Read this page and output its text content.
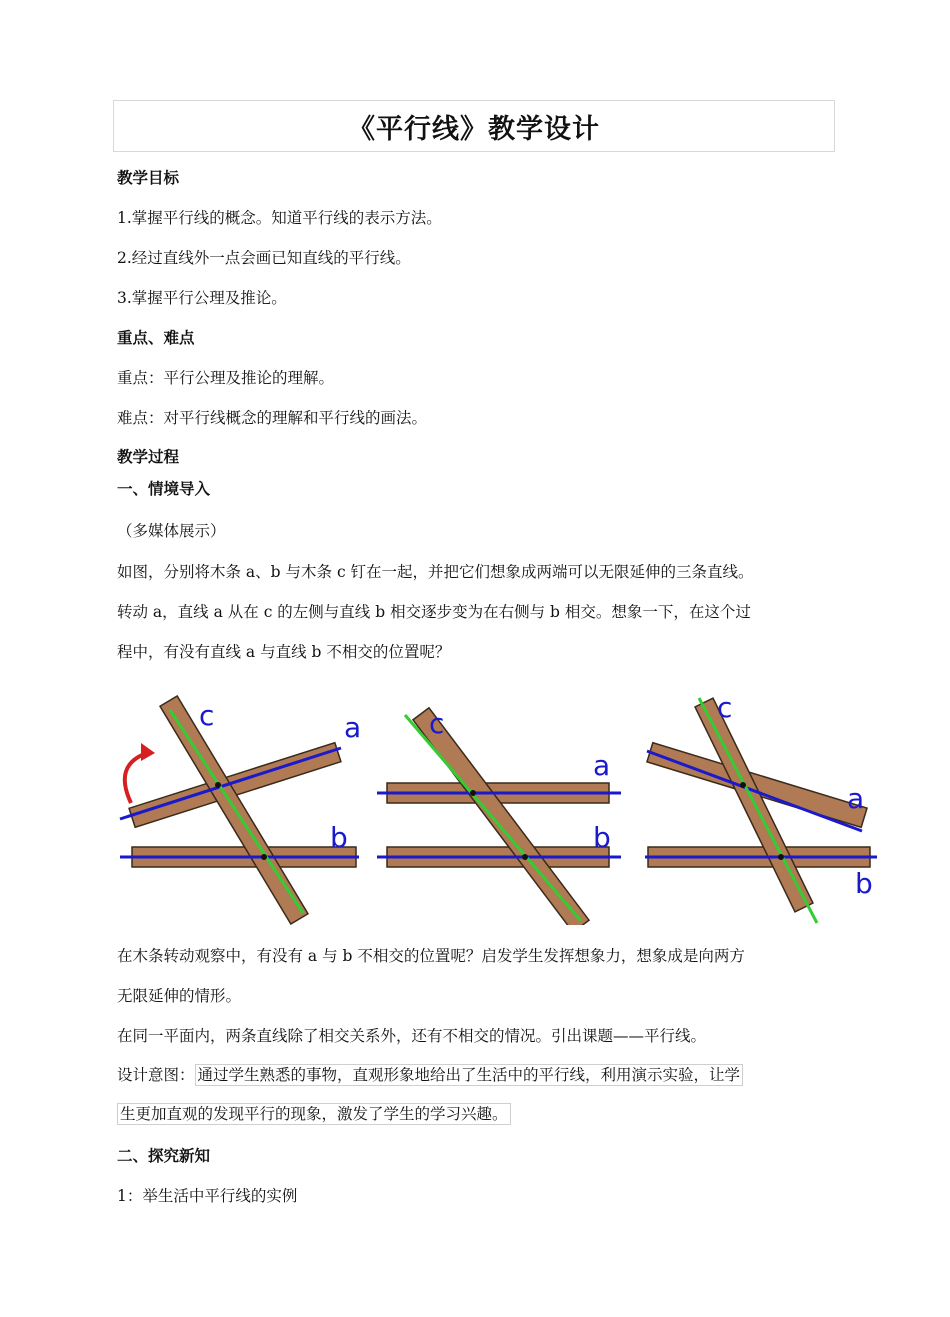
《平行线》教学设计
教学目标
1.掌握平行线的概念。知道平行线的表示方法。
2.经过直线外一点会画已知直线的平行线。
3.掌握平行公理及推论。
重点、难点
重点：平行公理及推论的理解。
难点：对平行线概念的理解和平行线的画法。
教学过程
一、情境导入
（多媒体展示）
如图，分别将木条 a、b 与木条 c 钉在一起，并把它们想象成两端可以无限延伸的三条直线。
转动 a，直线 a 从在 c 的左侧与直线 b 相交逐步变为在右侧与 b 相交。想象一下，在这个过
程中，有没有直线 a 与直线 b 不相交的位置呢？
c	a
b
c
a
b
c
a
b
在木条转动观察中，有没有 a 与 b 不相交的位置呢？启发学生发挥想象力，想象成是向两方
无限延伸的情形。
在同一平面内，两条直线除了相交关系外，还有不相交的情况。引出课题——平行线。
设计意图： 通过学生熟悉的事物，直观形象地给出了生活中的平行线，利用演示实验，让学
生更加直观的发现平行的现象，激发了学生的学习兴趣。
二、探究新知
1：举生活中平行线的实例
